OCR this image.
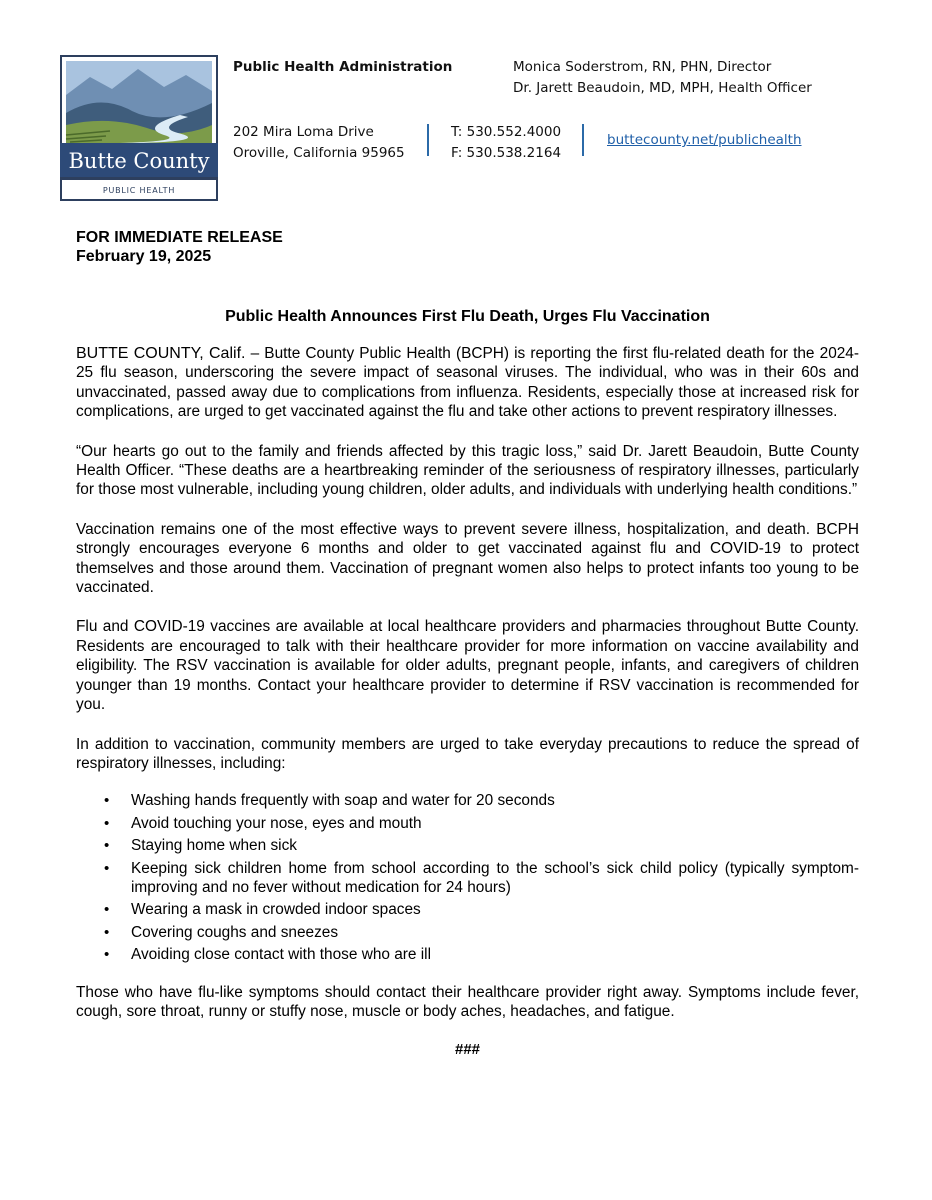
Butte County
PUBLIC HEALTH
Public Health Administration	Monica Soderstrom, RN, PHN, Director
Dr. Jarett Beaudoin, MD, MPH, Health Officer
202 Mira Loma Drive
Oroville, California 95965
T: 530.552.4000
F: 530.538.2164
buttecounty.net/publichealth
FOR IMMEDIATE RELEASE
February 19, 2025
Public Health Announces First Flu Death, Urges Flu Vaccination

BUTTE COUNTY, Calif. – Butte County Public Health (BCPH) is reporting the first flu-related death for the 2024-25 flu season, underscoring the severe impact of seasonal viruses. The individual, who was in their 60s and unvaccinated, passed away due to complications from influenza. Residents, especially those at increased risk for complications, are urged to get vaccinated against the flu and take other actions to prevent respiratory illnesses.

“Our hearts go out to the family and friends affected by this tragic loss,” said Dr. Jarett Beaudoin, Butte County Health Officer. “These deaths are a heartbreaking reminder of the seriousness of respiratory illnesses, particularly for those most vulnerable, including young children, older adults, and individuals with underlying health conditions.”

Vaccination remains one of the most effective ways to prevent severe illness, hospitalization, and death. BCPH strongly encourages everyone 6 months and older to get vaccinated against flu and COVID-19 to protect themselves and those around them. Vaccination of pregnant women also helps to protect infants too young to be vaccinated.

Flu and COVID-19 vaccines are available at local healthcare providers and pharmacies throughout Butte County. Residents are encouraged to talk with their healthcare provider for more information on vaccine availability and eligibility. The RSV vaccination is available for older adults, pregnant people, infants, and caregivers of children younger than 19 months. Contact your healthcare provider to determine if RSV vaccination is recommended for you.

In addition to vaccination, community members are urged to take everyday precautions to reduce the spread of respiratory illnesses, including:

• Washing hands frequently with soap and water for 20 seconds
• Avoid touching your nose, eyes and mouth
• Staying home when sick
• Keeping sick children home from school according to the school’s sick child policy (typically symptom-improving and no fever without medication for 24 hours)
• Wearing a mask in crowded indoor spaces
• Covering coughs and sneezes
• Avoiding close contact with those who are ill

Those who have flu-like symptoms should contact their healthcare provider right away. Symptoms include fever, cough, sore throat, runny or stuffy nose, muscle or body aches, headaches, and fatigue.

###
